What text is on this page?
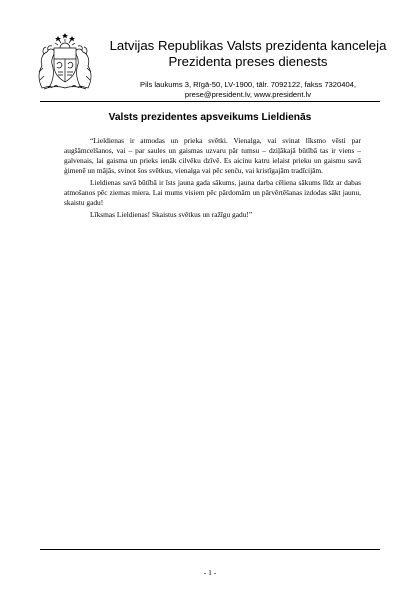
Latvijas Republikas Valsts prezidenta kanceleja
Prezidenta preses dienests
Pils laukums 3, Rīgā-50, LV-1900, tālr. 7092122, fakss 7320404,
prese@president.lv, www.president.lv
Valsts prezidentes apsveikums Lieldienās

“Lieldienas ir atmodas un prieka svētki. Vienalga, vai svinat līksmo vēsti par augšāmcelšanos, vai – par saules un gaismas uzvaru pār tumsu – dziļākajā būtībā tas ir viens – galvenais, lai gaisma un prieks ienāk cilvēku dzīvē. Es aicinu katru ielaist prieku un gaismu savā ģimenē un mājās, svinot šos svētkus, vienalga vai pēc senču, vai kristīgajām tradīcijām.

Lieldienas savā būtībā ir īsts jauna gada sākums, jauna darba cēliena sākums līdz ar dabas atmošanos pēc ziemas miera. Lai mums visiem pēc pārdomām un pārvērtēšanas izdodas sākt jaunu, skaistu gadu!

Līksmas Lieldienas! Skaistus svētkus un ražīgu gadu!”

- 1 -
